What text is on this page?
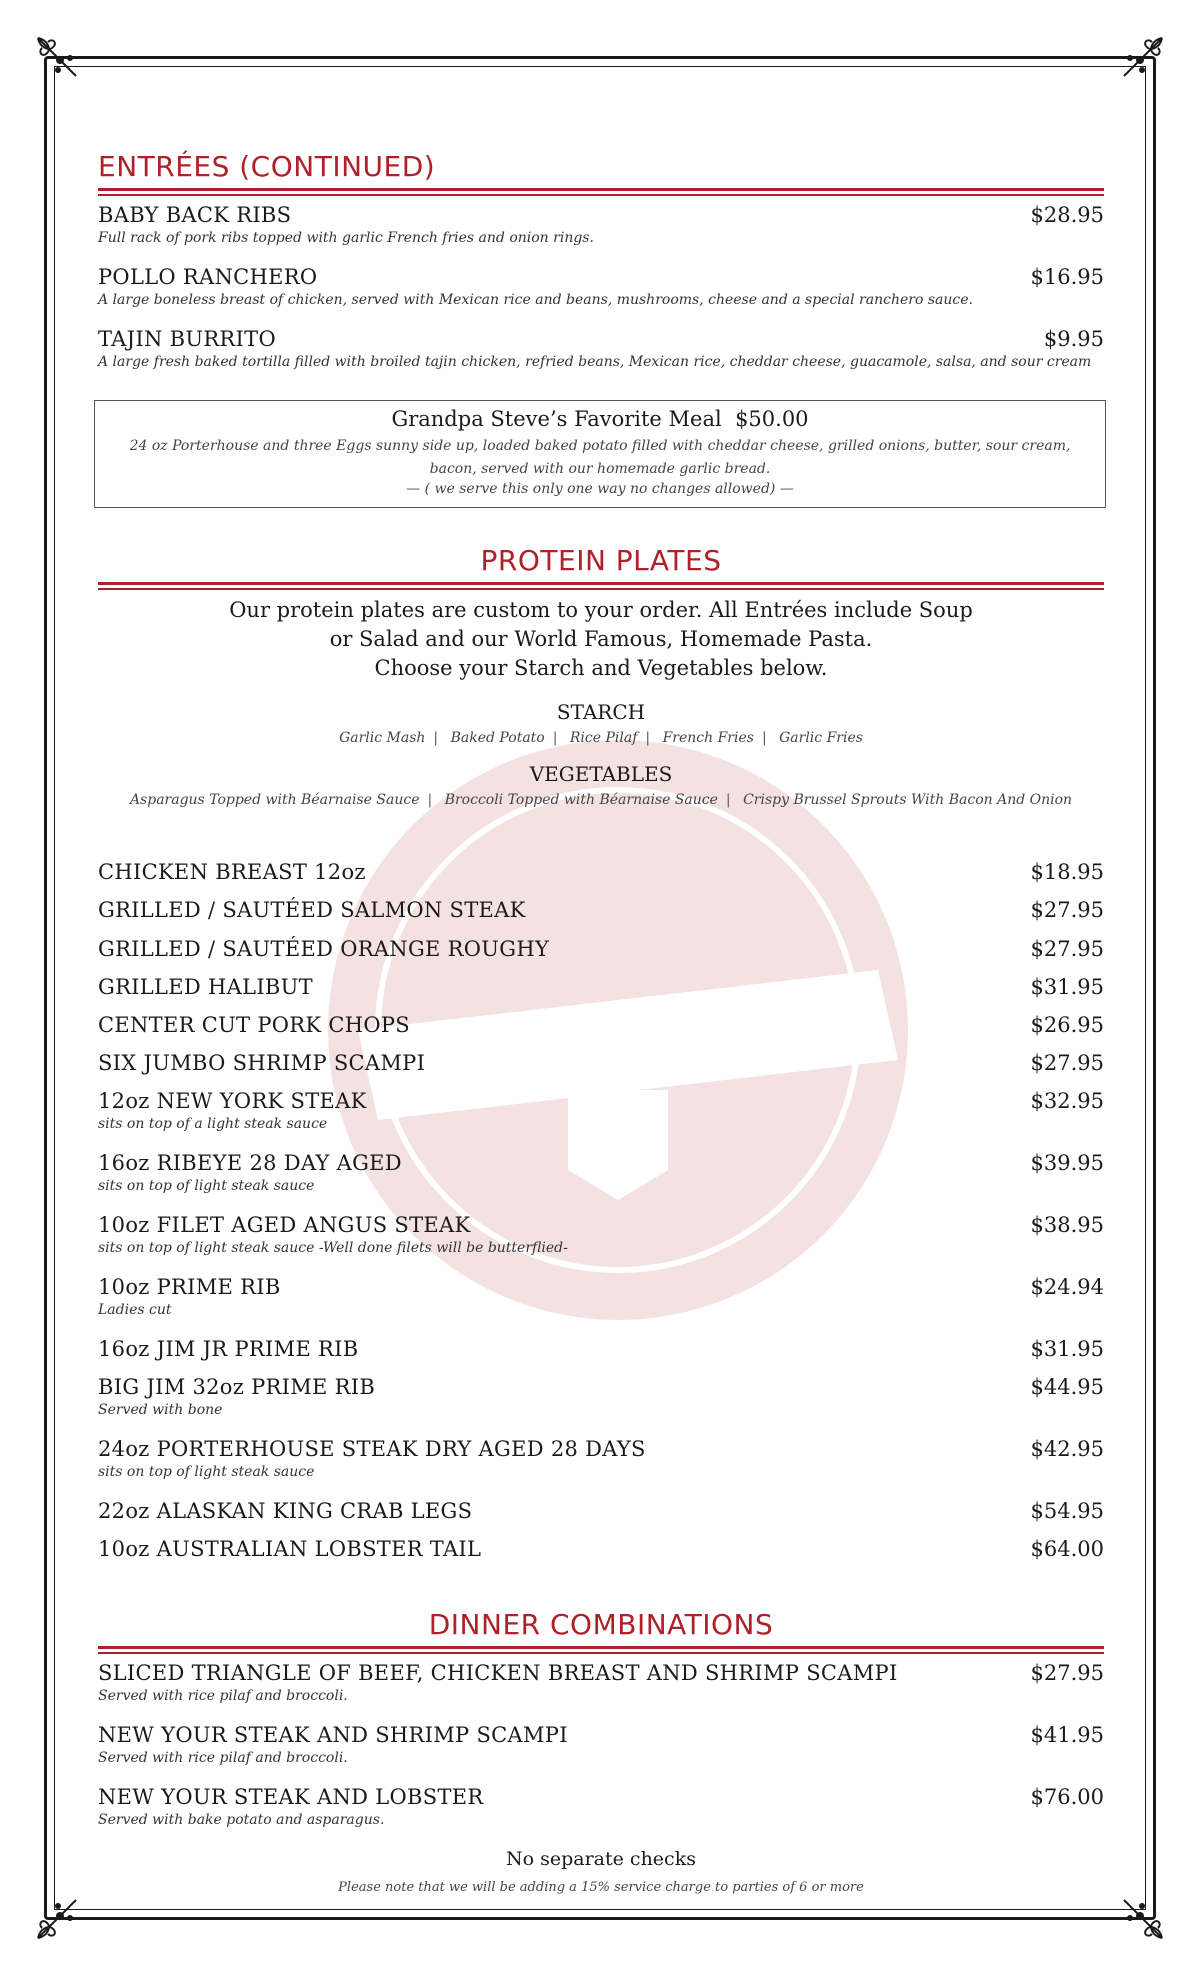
ENTRÉES (CONTINUED)
BABY BACK RIBS	$28.95
Full rack of pork ribs topped with garlic French fries and onion rings.
POLLO RANCHERO	$16.95
A large boneless breast of chicken, served with Mexican rice and beans, mushrooms, cheese and a special ranchero sauce.
TAJIN BURRITO	$9.95
A large fresh baked tortilla filled with broiled tajin chicken, refried beans, Mexican rice, cheddar cheese, guacamole, salsa, and sour cream
Grandpa Steve’s Favorite Meal $50.00
24 oz Porterhouse and three Eggs sunny side up, loaded baked potato filled with cheddar cheese, grilled onions, butter, sour cream, bacon, served with our homemade garlic bread.
— ( we serve this only one way no changes allowed) —
PROTEIN PLATES
Our protein plates are custom to your order. All Entrées include Soup
or Salad and our World Famous, Homemade Pasta.
Choose your Starch and Vegetables below.
STARCH
Garlic Mash | Baked Potato | Rice Pilaf | French Fries | Garlic Fries
VEGETABLES
Asparagus Topped with Béarnaise Sauce | Broccoli Topped with Béarnaise Sauce | Crispy Brussel Sprouts With Bacon And Onion
CHICKEN BREAST 12oz	$18.95
GRILLED / SAUTÉED SALMON STEAK	$27.95
GRILLED / SAUTÉED ORANGE ROUGHY	$27.95
GRILLED HALIBUT	$31.95
CENTER CUT PORK CHOPS	$26.95
SIX JUMBO SHRIMP SCAMPI	$27.95
12oz NEW YORK STEAK	$32.95
sits on top of a light steak sauce
16oz RIBEYE 28 DAY AGED	$39.95
sits on top of light steak sauce
10oz FILET AGED ANGUS STEAK	$38.95
sits on top of light steak sauce -Well done filets will be butterflied-
10oz PRIME RIB	$24.94
Ladies cut
16oz JIM JR PRIME RIB	$31.95
BIG JIM 32oz PRIME RIB	$44.95
Served with bone
24oz PORTERHOUSE STEAK DRY AGED 28 DAYS	$42.95
sits on top of light steak sauce
22oz ALASKAN KING CRAB LEGS	$54.95
10oz AUSTRALIAN LOBSTER TAIL	$64.00
DINNER COMBINATIONS
SLICED TRIANGLE OF BEEF, CHICKEN BREAST AND SHRIMP SCAMPI	$27.95
Served with rice pilaf and broccoli.
NEW YOUR STEAK AND SHRIMP SCAMPI	$41.95
Served with rice pilaf and broccoli.
NEW YOUR STEAK AND LOBSTER	$76.00
Served with bake potato and asparagus.
No separate checks
Please note that we will be adding a 15% service charge to parties of 6 or more
